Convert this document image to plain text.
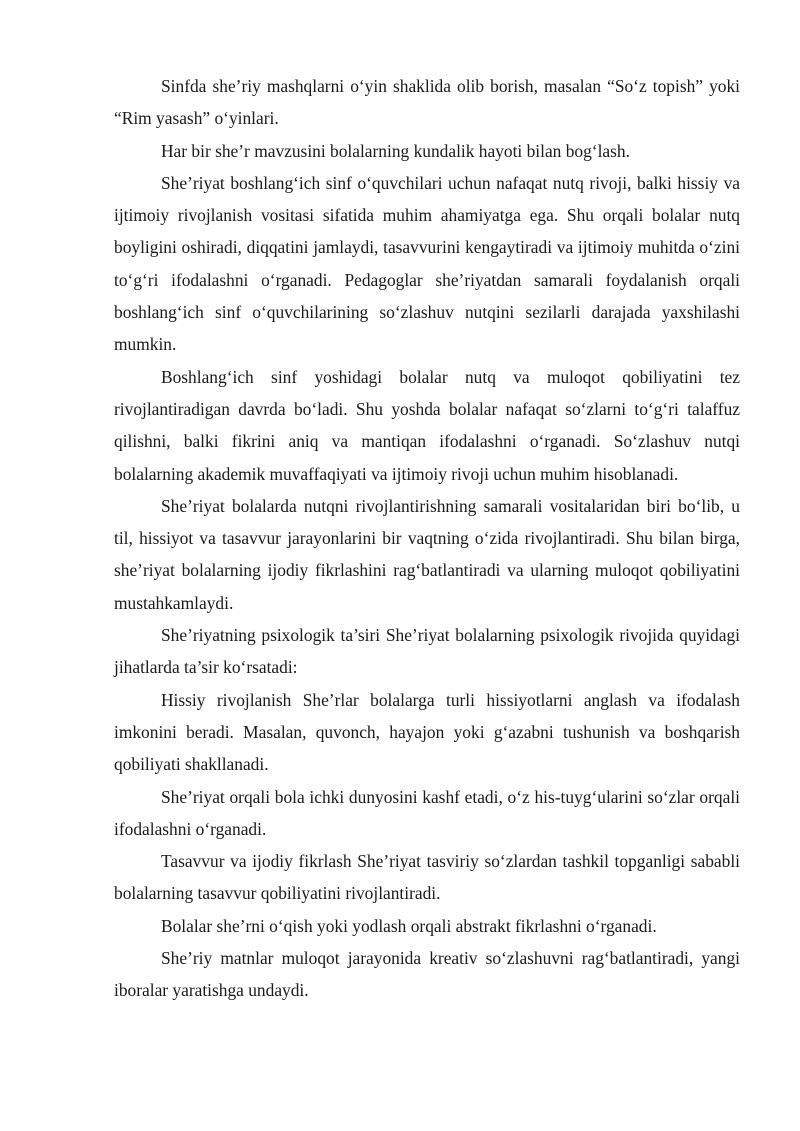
Sinfda she’riy mashqlarni o‘yin shaklida olib borish, masalan “So‘z topish” yoki “Rim yasash” o‘yinlari.

Har bir she’r mavzusini bolalarning kundalik hayoti bilan bog‘lash.

She’riyat boshlang‘ich sinf o‘quvchilari uchun nafaqat nutq rivoji, balki hissiy va ijtimoiy rivojlanish vositasi sifatida muhim ahamiyatga ega. Shu orqali bolalar nutq boyligini oshiradi, diqqatini jamlaydi, tasavvurini kengaytiradi va ijtimoiy muhitda o‘zini to‘g‘ri ifodalashni o‘rganadi. Pedagoglar she’riyatdan samarali foydalanish orqali boshlang‘ich sinf o‘quvchilarining so‘zlashuv nutqini sezilarli darajada yaxshilashi mumkin.

Boshlang‘ich sinf yoshidagi bolalar nutq va muloqot qobiliyatini tez rivojlantiradigan davrda bo‘ladi. Shu yoshda bolalar nafaqat so‘zlarni to‘g‘ri talaffuz qilishni, balki fikrini aniq va mantiqan ifodalashni o‘rganadi. So‘zlashuv nutqi bolalarning akademik muvaffaqiyati va ijtimoiy rivoji uchun muhim hisoblanadi.

She’riyat bolalarda nutqni rivojlantirishning samarali vositalaridan biri bo‘lib, u til, hissiyot va tasavvur jarayonlarini bir vaqtning o‘zida rivojlantiradi. Shu bilan birga, she’riyat bolalarning ijodiy fikrlashini rag‘batlantiradi va ularning muloqot qobiliyatini mustahkamlaydi.

She’riyatning psixologik ta’siri She’riyat bolalarning psixologik rivojida quyidagi jihatlarda ta’sir ko‘rsatadi:

Hissiy rivojlanish She’rlar bolalarga turli hissiyotlarni anglash va ifodalash imkonini beradi. Masalan, quvonch, hayajon yoki g‘azabni tushunish va boshqarish qobiliyati shakllanadi.

She’riyat orqali bola ichki dunyosini kashf etadi, o‘z his-tuyg‘ularini so‘zlar orqali ifodalashni o‘rganadi.

Tasavvur va ijodiy fikrlash She’riyat tasviriy so‘zlardan tashkil topganligi sababli bolalarning tasavvur qobiliyatini rivojlantiradi.

Bolalar she’rni o‘qish yoki yodlash orqali abstrakt fikrlashni o‘rganadi.

She’riy matnlar muloqot jarayonida kreativ so‘zlashuvni rag‘batlantiradi, yangi iboralar yaratishga undaydi.
